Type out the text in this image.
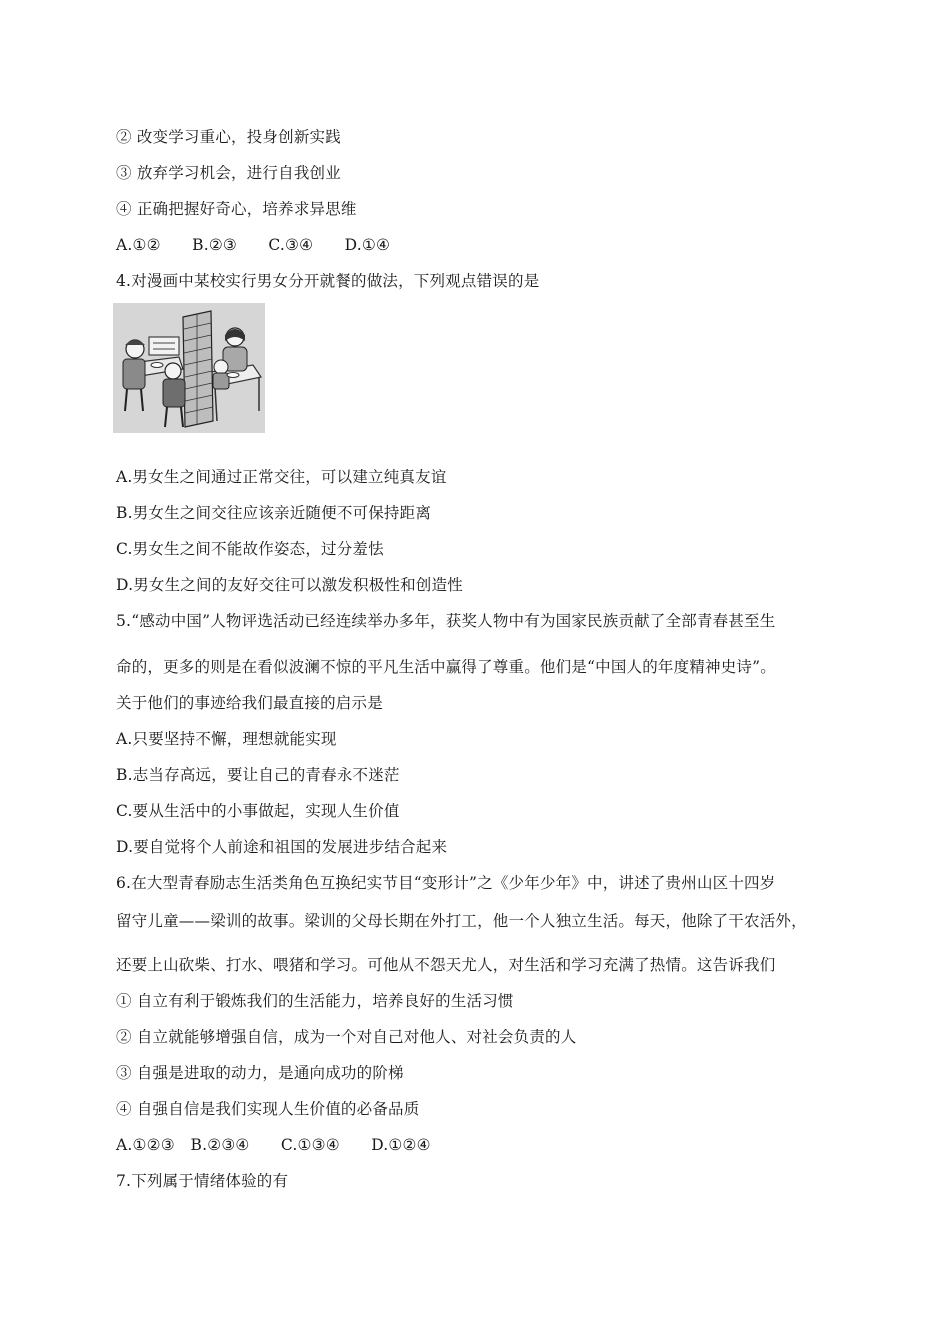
② 改变学习重心，投身创新实践
③ 放弃学习机会，进行自我创业
④ 正确把握好奇心，培养求异思维
A.①②　　B.②③　　C.③④　　D.①④
4.对漫画中某校实行男女分开就餐的做法，下列观点错误的是
A.男女生之间通过正常交往，可以建立纯真友谊
B.男女生之间交往应该亲近随便不可保持距离
C.男女生之间不能故作姿态，过分羞怯
D.男女生之间的友好交往可以激发积极性和创造性
5.“感动中国”人物评选活动已经连续举办多年，获奖人物中有为国家民族贡献了全部青春甚至生
命的，更多的则是在看似波澜不惊的平凡生活中赢得了尊重。他们是“中国人的年度精神史诗”。
关于他们的事迹给我们最直接的启示是
A.只要坚持不懈，理想就能实现
B.志当存高远，要让自己的青春永不迷茫
C.要从生活中的小事做起，实现人生价值
D.要自觉将个人前途和祖国的发展进步结合起来
6.在大型青春励志生活类角色互换纪实节目“变形计”之《少年少年》中，讲述了贵州山区十四岁
留守儿童——梁训的故事。梁训的父母长期在外打工，他一个人独立生活。每天，他除了干农活外，
还要上山砍柴、打水、喂猪和学习。可他从不怨天尤人，对生活和学习充满了热情。这告诉我们
① 自立有利于锻炼我们的生活能力，培养良好的生活习惯
② 自立就能够增强自信，成为一个对自己对他人、对社会负责的人
③ 自强是进取的动力，是通向成功的阶梯
④ 自强自信是我们实现人生价值的必备品质
A.①②③　B.②③④　　C.①③④　　D.①②④
7.下列属于情绪体验的有
